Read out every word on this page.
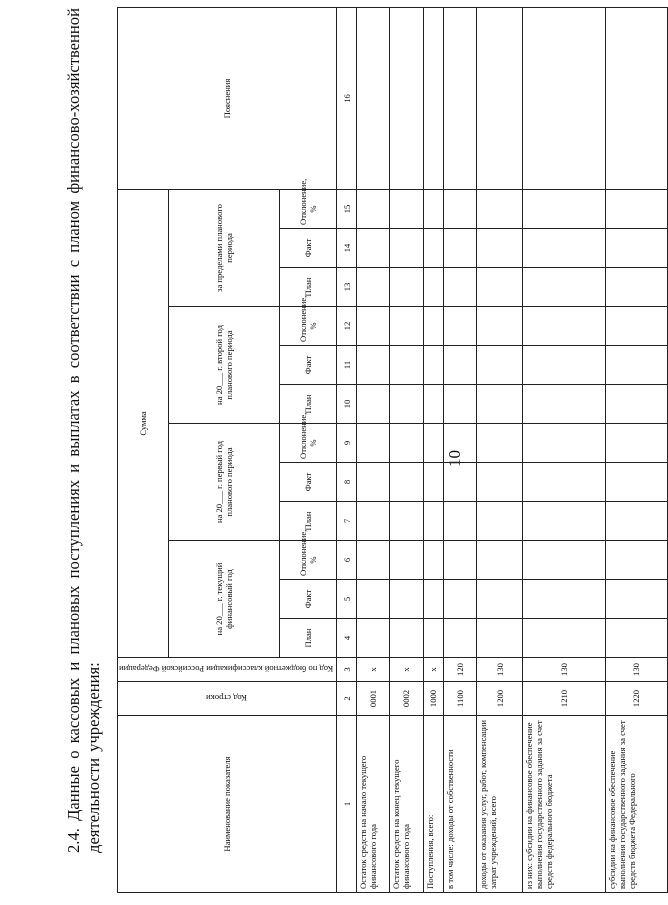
10
2.4. Данные о кассовых и плановых поступлениях и выплатах в соответствии с планом финансово-хозяйственной деятельности учреждения:	Наименование показателя	Код строки	Код по бюджетной классификации Российской Федерации	Сумма												Пояснения
			на 20___ г. текущий финансовый год			на 20___ г. первый год планового периода			на 20___ г. второй год планового периода			за пределами планового периода			
			План	Факт	Отклонение, %	План	Факт	Отклонение, %	План	Факт	Отклонение, %	План	Факт	Отклонение, %	
1	2	3	4	5	6	7	8	9	10	11	12	13	14	15	16
Остаток средств на начало текущего финансового года	0001	x													
Остаток средств на конец текущего финансового года	0002	x													
Поступления, всего:	1000	x													
в том числе: доходы от собственности	1100	120													
доходы от оказания услуг, работ, компенсации затрат учреждений, всего	1200	130													
из них: субсидии на финансовое обеспечение выполнения государственного задания за счет средств федерального бюджета	1210	130													
субсидии на финансовое обеспечение выполнения государственного задания за счет средств бюджета Федерального	1220	130													
